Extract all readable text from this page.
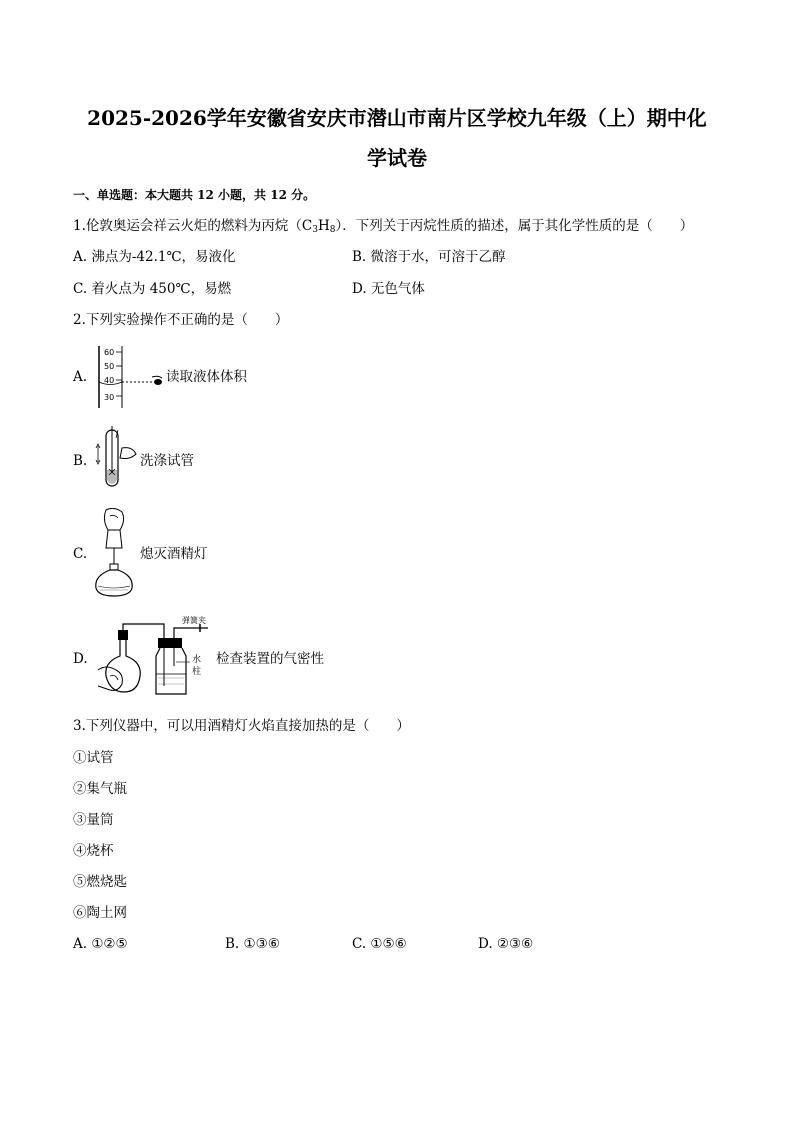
2025-2026学年安徽省安庆市潜山市南片区学校九年级（上）期中化
学试卷
一、单选题：本大题共 12 小题，共 12 分。
1.伦敦奥运会祥云火炬的燃料为丙烷$(C_3H_8)$．下列关于丙烷性质的描述，属于其化学性质的是（　　）
A. 沸点为-42.1℃，易液化	B. 微溶于水，可溶于乙醇
C. 着火点为 450℃，易燃	D. 无色气体
2.下列实验操作不正确的是（　　）
A.
60
50
40
30
读取液体体积
B.	洗涤试管
C.	熄灭酒精灯
D.
弹簧夹
水
柱
检查装置的气密性
3.下列仪器中，可以用酒精灯火焰直接加热的是（　　）
①试管
②集气瓶
③量筒
④烧杯
⑤燃烧匙
⑥陶土网
A. ①②⑤	B. ①③⑥	C. ①⑤⑥	D. ②③⑥
